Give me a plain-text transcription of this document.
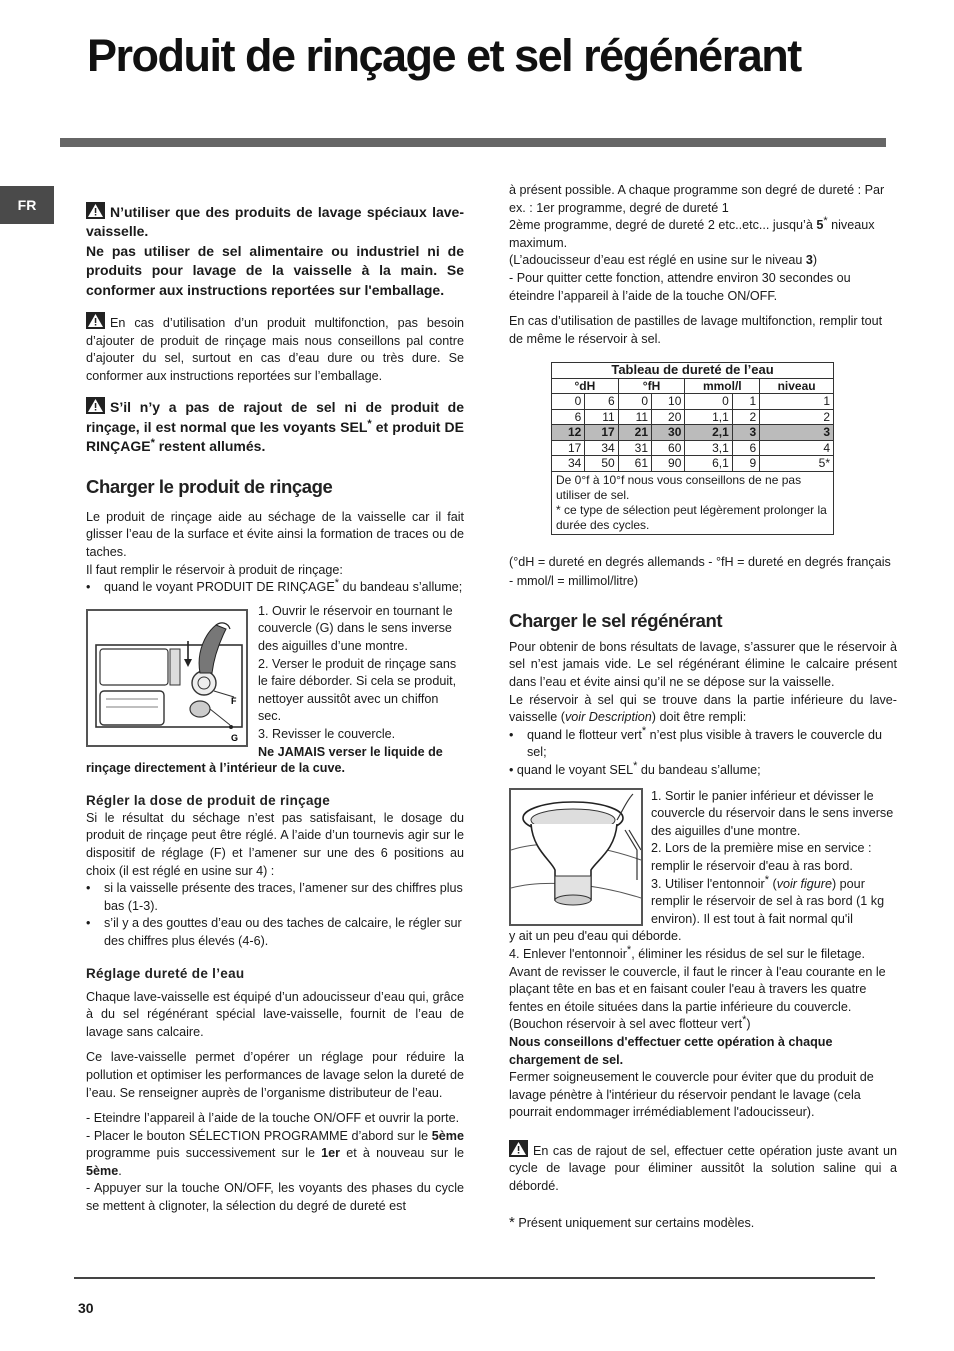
Produit de rinçage et sel régénérant
FR	N’utiliser que des produits de lavage spéciaux lave-vaisselle.
Ne pas utiliser de sel alimentaire ou industriel ni de produits pour lavage de la vaisselle à la main. Se conformer aux instructions reportées sur l'emballage.

En cas d’utilisation d’un produit multifonction, pas besoin d’ajouter de produit de rinçage mais nous conseillons pal contre d’ajouter du sel, surtout en cas d’eau dure ou très dure. Se conformer aux instructions reportées sur l’emballage.

S’il n’y a pas de rajout de sel ni de produit de rinçage, il est normal que les voyants SEL* et produit DE RINÇAGE* restent allumés.

Charger le produit de rinçage

Le produit de rinçage aide au séchage de la vaisselle car il fait glisser l’eau de la surface et évite ainsi la formation de traces ou de taches.

Il faut remplir le réservoir à produit de rinçage:

•	quand le voyant PRODUIT DE RINÇAGE* du bandeau s’allume;
F
G

1. Ouvrir le réservoir en tournant le couvercle (G) dans le sens inverse des aiguilles d’une montre.

2. Verser le produit de rinçage sans le faire déborder. Si cela se produit, nettoyer aussitôt avec un chiffon sec.

3. Revisser le couvercle.

Ne JAMAIS verser le liquide de

rinçage directement à l’intérieur de la cuve.

Régler la dose de produit de rinçage

Si le résultat du séchage n’est pas satisfaisant, le dosage du produit de rinçage peut être réglé. A l’aide d’un tournevis agir sur le dispositif de réglage (F) et l’amener sur une des 6 positions au choix (il est réglé en usine sur 4) :

•	si la vaisselle présente des traces, l’amener sur des chiffres plus bas (1-3).
•	s’il y a des gouttes d’eau ou des taches de calcaire, le régler sur des chiffres plus élevés (4-6).
Réglage dureté de l’eau

Chaque lave-vaisselle est équipé d’un adoucisseur d’eau qui, grâce à du sel régénérant spécial lave-vaisselle, fournit de l’eau de lavage sans calcaire.

Ce lave-vaisselle permet d’opérer un réglage pour réduire la pollution et optimiser les performances de lavage selon la dureté de l’eau. Se renseigner auprès de l’organisme distributeur de l’eau.

- Eteindre l’appareil à l’aide de la touche ON/OFF et ouvrir la porte.

- Placer le bouton SÉLECTION PROGRAMME d’abord sur le 5ème programme puis successivement sur le 1er et à nouveau sur le 5ème.

- Appuyer sur la touche ON/OFF, les voyants des phases du cycle se mettent à clignoter, la sélection du degré de dureté est

à présent possible. A chaque programme son degré de dureté : Par ex. : 1er programme, degré de dureté 1

2ème programme, degré de dureté 2 etc..etc... jusqu’à 5* niveaux maximum.

(L’adoucisseur d’eau est réglé en usine sur le niveau 3)

- Pour quitter cette fonction, attendre environ 30 secondes ou éteindre l’appareil à l’aide de la touche ON/OFF.

En cas d’utilisation de pastilles de lavage multifonction, remplir tout de même le réservoir à sel.

Tableau de dureté de l’eau						
°dH		°fH		mmol/l		niveau
0	6	0	10	0	1	1
6	11	11	20	1,1	2	2
12	17	21	30	2,1	3	3
17	34	31	60	3,1	6	4
34	50	61	90	6,1	9	5*
De 0°f à 10°f nous vous conseillons de ne pas utiliser de sel.
* ce type de sélection peut légèrement prolonger la durée des cycles.						

(°dH = dureté en degrés allemands - °fH = dureté en degrés français - mmol/l = millimol/litre)

Charger le sel régénérant

Pour obtenir de bons résultats de lavage, s’assurer que le réservoir à sel n’est jamais vide. Le sel régénérant élimine le calcaire présent dans l’eau et évite ainsi qu’il ne se dépose sur la vaisselle.

Le réservoir à sel qui se trouve dans la partie inférieure du lave-vaisselle (voir Description) doit être rempli:

•	quand le flotteur vert* n’est plus visible à travers le couvercle du sel;

• quand le voyant SEL* du bandeau s’allume;

1. Sortir le panier inférieur et dévisser le couvercle du réservoir dans le sens inverse des aiguilles d'une montre.

2. Lors de la première mise en service : remplir le réservoir d'eau à ras bord.

3. Utiliser l'entonnoir* (voir figure) pour remplir le réservoir de sel à ras bord (1 kg environ). Il est tout à fait normal qu'il

y ait un peu d'eau qui déborde.

4. Enlever l'entonnoir*, éliminer les résidus de sel sur le filetage. Avant de revisser le couvercle, il faut le rincer à l'eau courante en le plaçant tête en bas et en faisant couler l'eau à travers les quatre fentes en étoile situées dans la partie inférieure du couvercle. (Bouchon réservoir à sel avec flotteur vert*)

Nous conseillons d'effectuer cette opération à chaque chargement de sel.

Fermer soigneusement le couvercle pour éviter que du produit de lavage pénètre à l'intérieur du réservoir pendant le lavage (cela pourrait endommager irrémédiablement l'adoucisseur).

En cas de rajout de sel, effectuer cette opération juste avant un cycle de lavage pour éliminer aussitôt la solution saline qui a débordé.

* Présent uniquement sur certains modèles.

30
